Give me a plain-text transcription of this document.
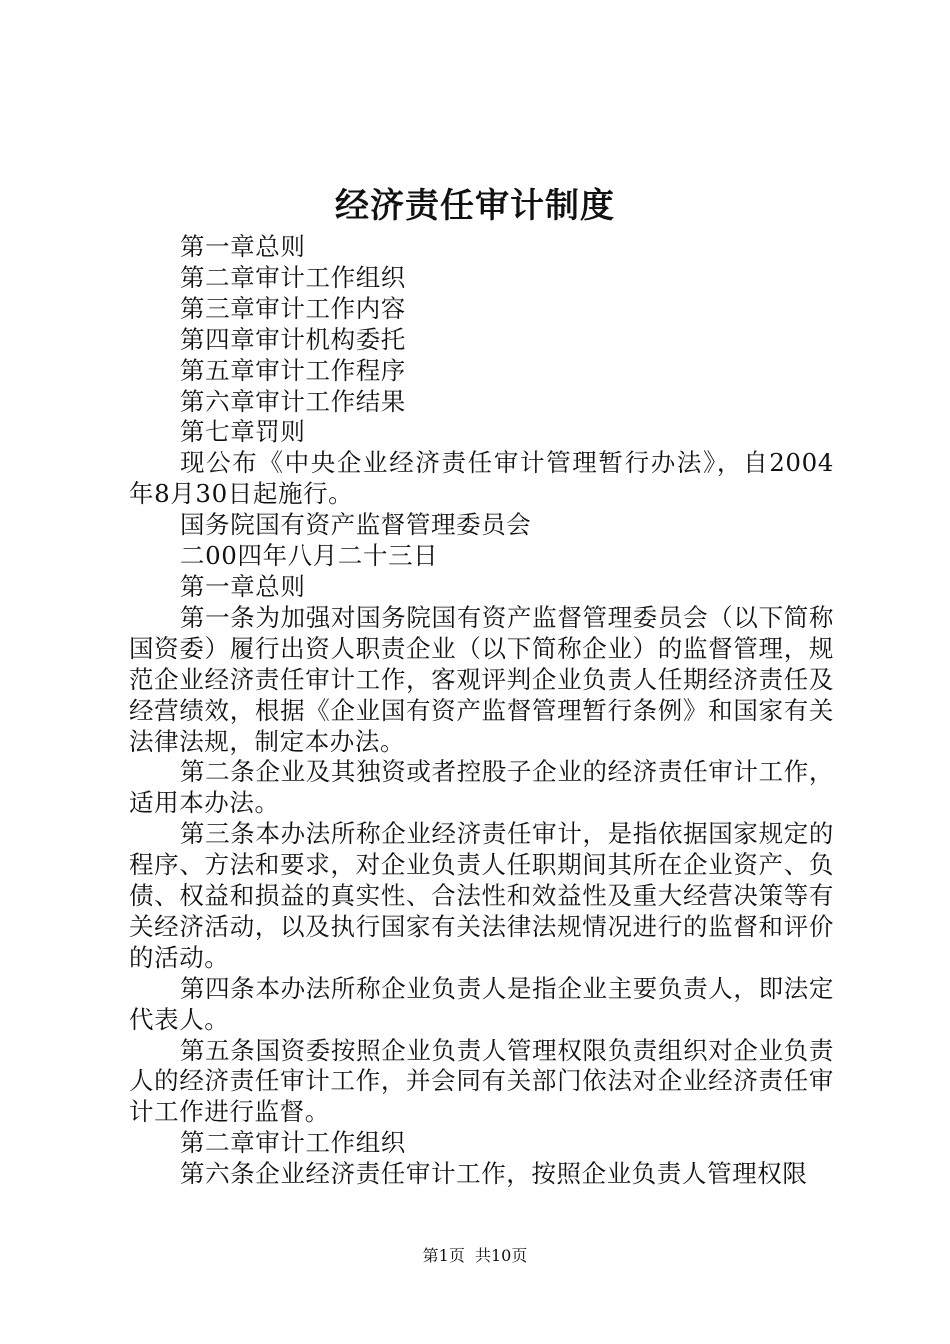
经济责任审计制度

第一章总则

第二章审计工作组织

第三章审计工作内容

第四章审计机构委托

第五章审计工作程序

第六章审计工作结果

第七章罚则

现公布《中央企业经济责任审计管理暂行办法》，自2004年8月30日起施行。

国务院国有资产监督管理委员会

二00四年八月二十三日

第一章总则

第一条为加强对国务院国有资产监督管理委员会（以下简称国资委）履行出资人职责企业（以下简称企业）的监督管理，规范企业经济责任审计工作，客观评判企业负责人任期经济责任及经营绩效，根据《企业国有资产监督管理暂行条例》和国家有关法律法规，制定本办法。

第二条企业及其独资或者控股子企业的经济责任审计工作，适用本办法。

第三条本办法所称企业经济责任审计，是指依据国家规定的程序、方法和要求，对企业负责人任职期间其所在企业资产、负债、权益和损益的真实性、合法性和效益性及重大经营决策等有关经济活动，以及执行国家有关法律法规情况进行的监督和评价的活动。

第四条本办法所称企业负责人是指企业主要负责人，即法定代表人。

第五条国资委按照企业负责人管理权限负责组织对企业负责人的经济责任审计工作，并会同有关部门依法对企业经济责任审计工作进行监督。

第二章审计工作组织

第六条企业经济责任审计工作，按照企业负责人管理权限

第1页  共10页
